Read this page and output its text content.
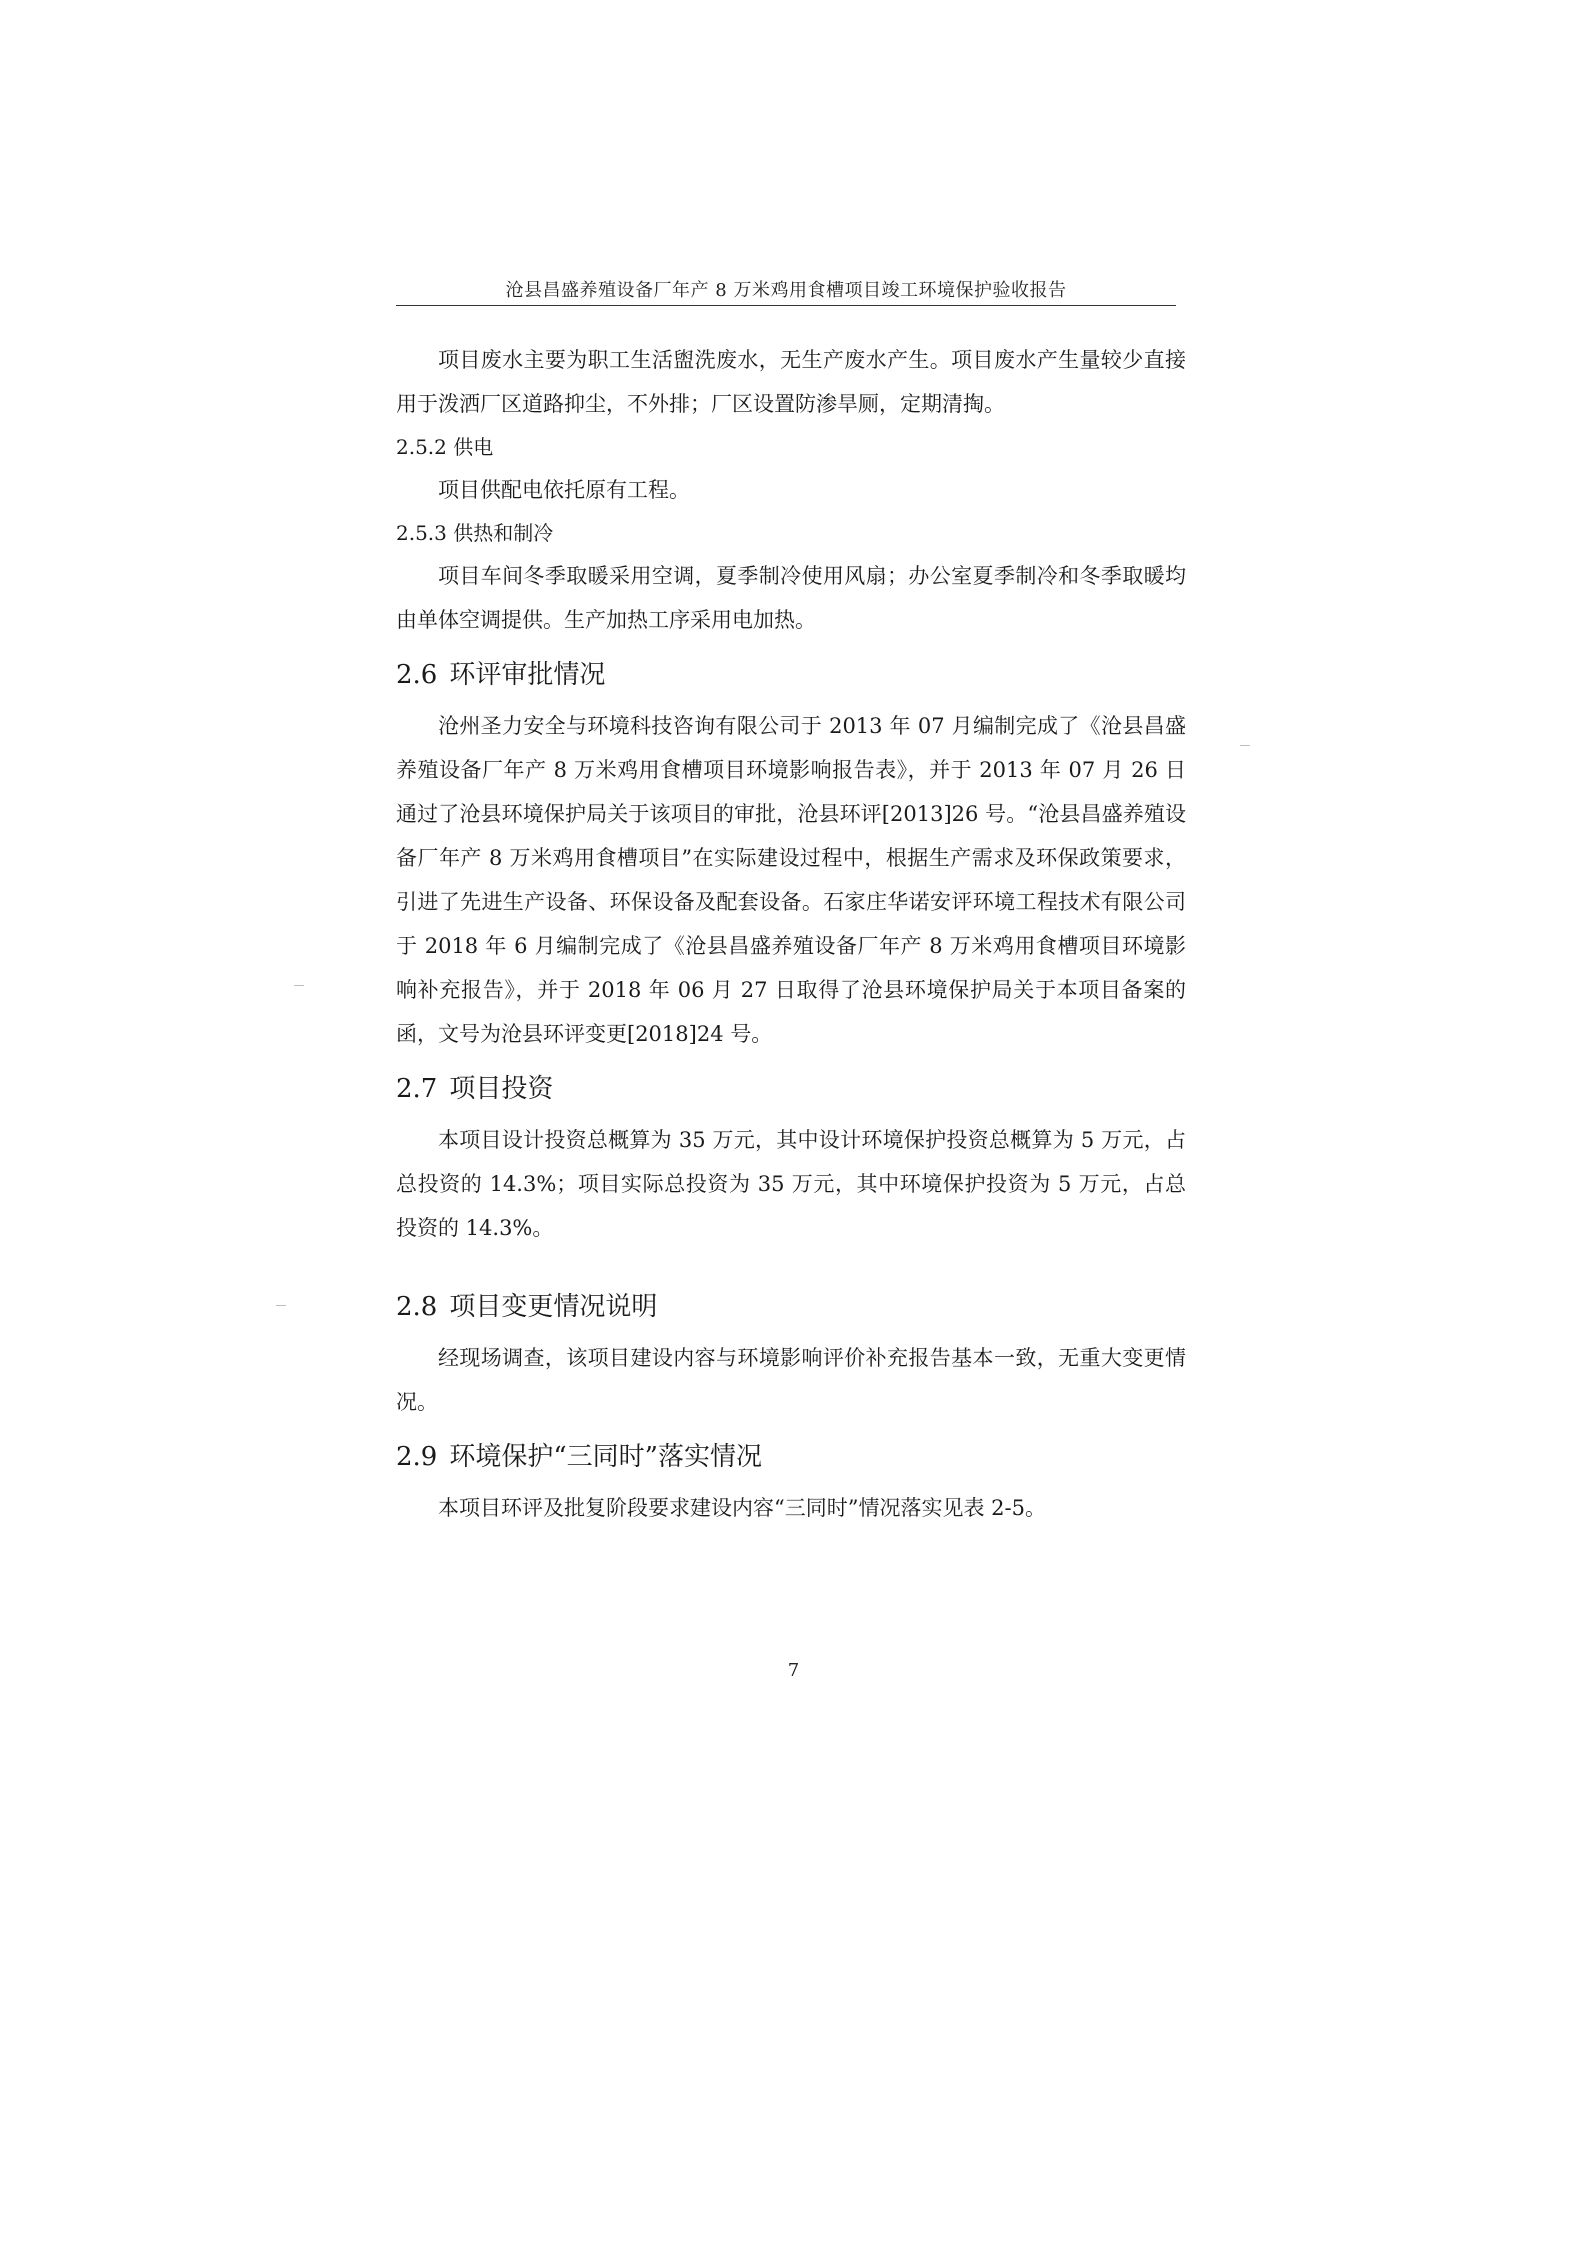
沧县昌盛养殖设备厂年产 8 万米鸡用食槽项目竣工环境保护验收报告

项目废水主要为职工生活盥洗废水，无生产废水产生。项目废水产生量较少直接用于泼洒厂区道路抑尘，不外排；厂区设置防渗旱厕，定期清掏。

2.5.2 供电

项目供配电依托原有工程。

2.5.3 供热和制冷

项目车间冬季取暖采用空调，夏季制冷使用风扇；办公室夏季制冷和冬季取暖均由单体空调提供。生产加热工序采用电加热。

2.6 环评审批情况

沧州圣力安全与环境科技咨询有限公司于 2013 年 07 月编制完成了《沧县昌盛养殖设备厂年产 8 万米鸡用食槽项目环境影响报告表》，并于 2013 年 07 月 26 日通过了沧县环境保护局关于该项目的审批，沧县环评[2013]26 号。“沧县昌盛养殖设备厂年产 8 万米鸡用食槽项目”在实际建设过程中，根据生产需求及环保政策要求，引进了先进生产设备、环保设备及配套设备。石家庄华诺安评环境工程技术有限公司于 2018 年 6 月编制完成了《沧县昌盛养殖设备厂年产 8 万米鸡用食槽项目环境影响补充报告》，并于 2018 年 06 月 27 日取得了沧县环境保护局关于本项目备案的函，文号为沧县环评变更[2018]24 号。

2.7 项目投资

本项目设计投资总概算为 35 万元，其中设计环境保护投资总概算为 5 万元，占总投资的 14.3%；项目实际总投资为 35 万元，其中环境保护投资为 5 万元，占总投资的 14.3%。

2.8 项目变更情况说明

经现场调查，该项目建设内容与环境影响评价补充报告基本一致，无重大变更情况。

2.9 环境保护“三同时”落实情况

本项目环评及批复阶段要求建设内容“三同时”情况落实见表 2-5。

7
